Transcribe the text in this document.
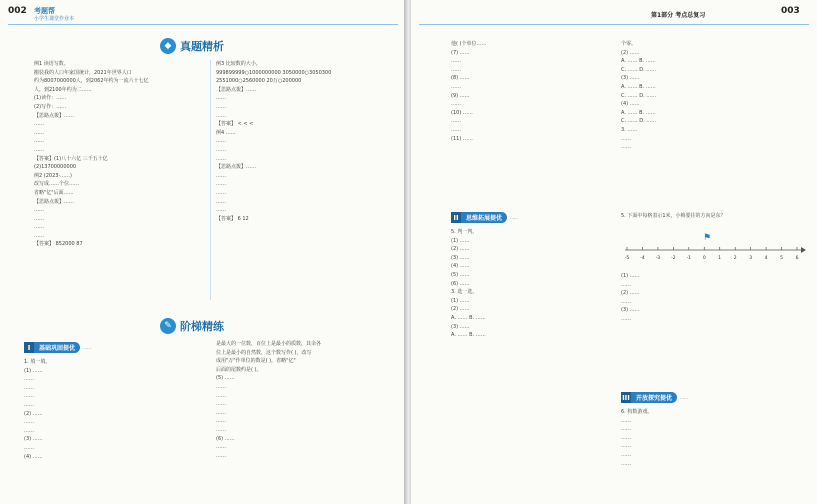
002 考题帮
小学生课堂作业本
◆ 真题精析
例1 读语写数。
搬装我的人口年家国统计，2021年世界人口
约为8007000000人，到2062年约为一流六十七亿
人，到2100年约为二……
(1)读作：……
(2)写作：……
【思路点拨】……
……
……
……
……
【答案】(1)八十六亿 三千五十亿
(2)13700000000
例2 (2023·……)
改写成……个位……
省略"亿"后面……
【思路点拨】……
……
……
……
……
【答案】 852000 87
例3 比较数的大小。
999899999○1000000000 3050000○3050300
2551000○2560000 20万○200000
【思路点拨】……
……
……
……
【答案】 < < <
例4 ……
……
……
……
【思路点拨】……
……
……
……
……
……
【答案】 6 12
✎ 阶梯精练
I	基础巩固提优	……
1. 填一填。
(1) ……
……
……
……
……
(2) ……
……
……
(3) ……
……
(4) ……
是最大的一位数，百位上是最小的质数，其余各
位上是最小的自然数，这个数写作( )，改写
成用"万"作单位的数是( )，省略"亿"
后面的尾数约是( )。
(5) ……
……
……
……
……
……
……
(6) ……
……
……
第1部分 考点总复习	003
他( )个单位……
(7) ……
……
……
(8) ……
……
(9) ……
……
(10) ……
……
……
(11) ……
个零。
(2) ……
A. …… B. ……
C. …… D. ……
(3) ……
A. …… B. ……
C. …… D. ……
(4) ……
A. …… B. ……
C. …… D. ……
3. ……
……
……
II	思维拓展提优	……
5. 判一判。
(1) ……
(2) ……
(3) ……
(4) ……
(5) ……
(6) ……
3. 选一选。
(1) ……
(2) ……
A. …… B. ……
(3) ……
A. …… B. ……
5. 下面中每格表示1米，小梅要往的方向是东？
⚑
-5 -4 -3 -2 -1	0	1	2	3	4	5	6
(1) ……
……
(2) ……
……
(3) ……
……
III	开放探究提优	……
6. 构数游戏。
……
……
……
……
……
……
